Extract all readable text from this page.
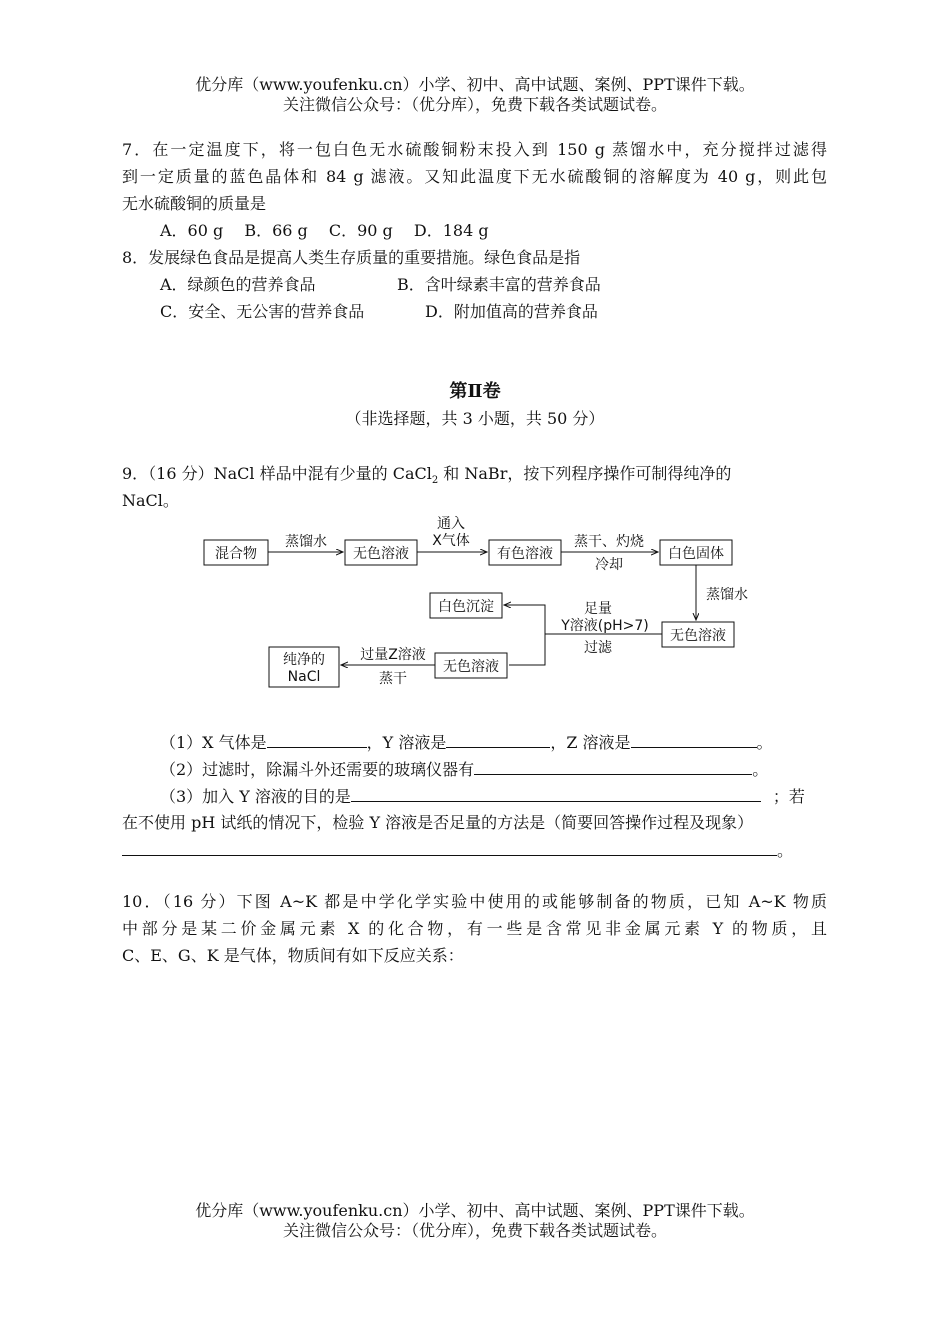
优分库（www.youfenku.cn）小学、初中、高中试题、案例、PPT课件下载。
关注微信公众号：（优分库），免费下载各类试题试卷。
7．在一定温度下，将一包白色无水硫酸铜粉末投入到 150 g 蒸馏水中，充分搅拌过滤得
到一定质量的蓝色晶体和 84 g 滤液。又知此温度下无水硫酸铜的溶解度为 40 g，则此包
无水硫酸铜的质量是
A．60 g　 B．66 g　 C．90 g　 D．184 g
8．发展绿色食品是提高人类生存质量的重要措施。绿色食品是指
A．绿颜色的营养食品	B．含叶绿素丰富的营养食品
C．安全、无公害的营养食品	D．附加值高的营养食品
第Ⅱ卷
（非选择题，共 3 小题，共 50 分）
9．（16 分）NaCl 样品中混有少量的 CaCl$_2$ 和 NaBr，按下列程序操作可制得纯净的
NaCl。
混合物	无色溶液	有色溶液	白色固体
无色溶液
白色沉淀
无色溶液
纯净的
NaCl
蒸馏水
通入
X气体	蒸干、灼烧
冷却
蒸馏水
足量
Y溶液(pH>7)
过滤
过量Z溶液
蒸干
（1）X 气体是	，Y 溶液是	，Z 溶液是	。
（2）过滤时，除漏斗外还需要的玻璃仪器有	。
（3）加入 Y 溶液的目的是	；若
在不使用 pH 试纸的情况下，检验 Y 溶液是否足量的方法是（简要回答操作过程及现象）
。
10．（16 分）下图 A~K 都是中学化学实验中使用的或能够制备的物质，已知 A~K 物质
中部分是某二价金属元素 X 的化合物，有一些是含常见非金属元素 Y 的物质，且
C、E、G、K 是气体，物质间有如下反应关系：
优分库（www.youfenku.cn）小学、初中、高中试题、案例、PPT课件下载。
关注微信公众号：（优分库），免费下载各类试题试卷。
